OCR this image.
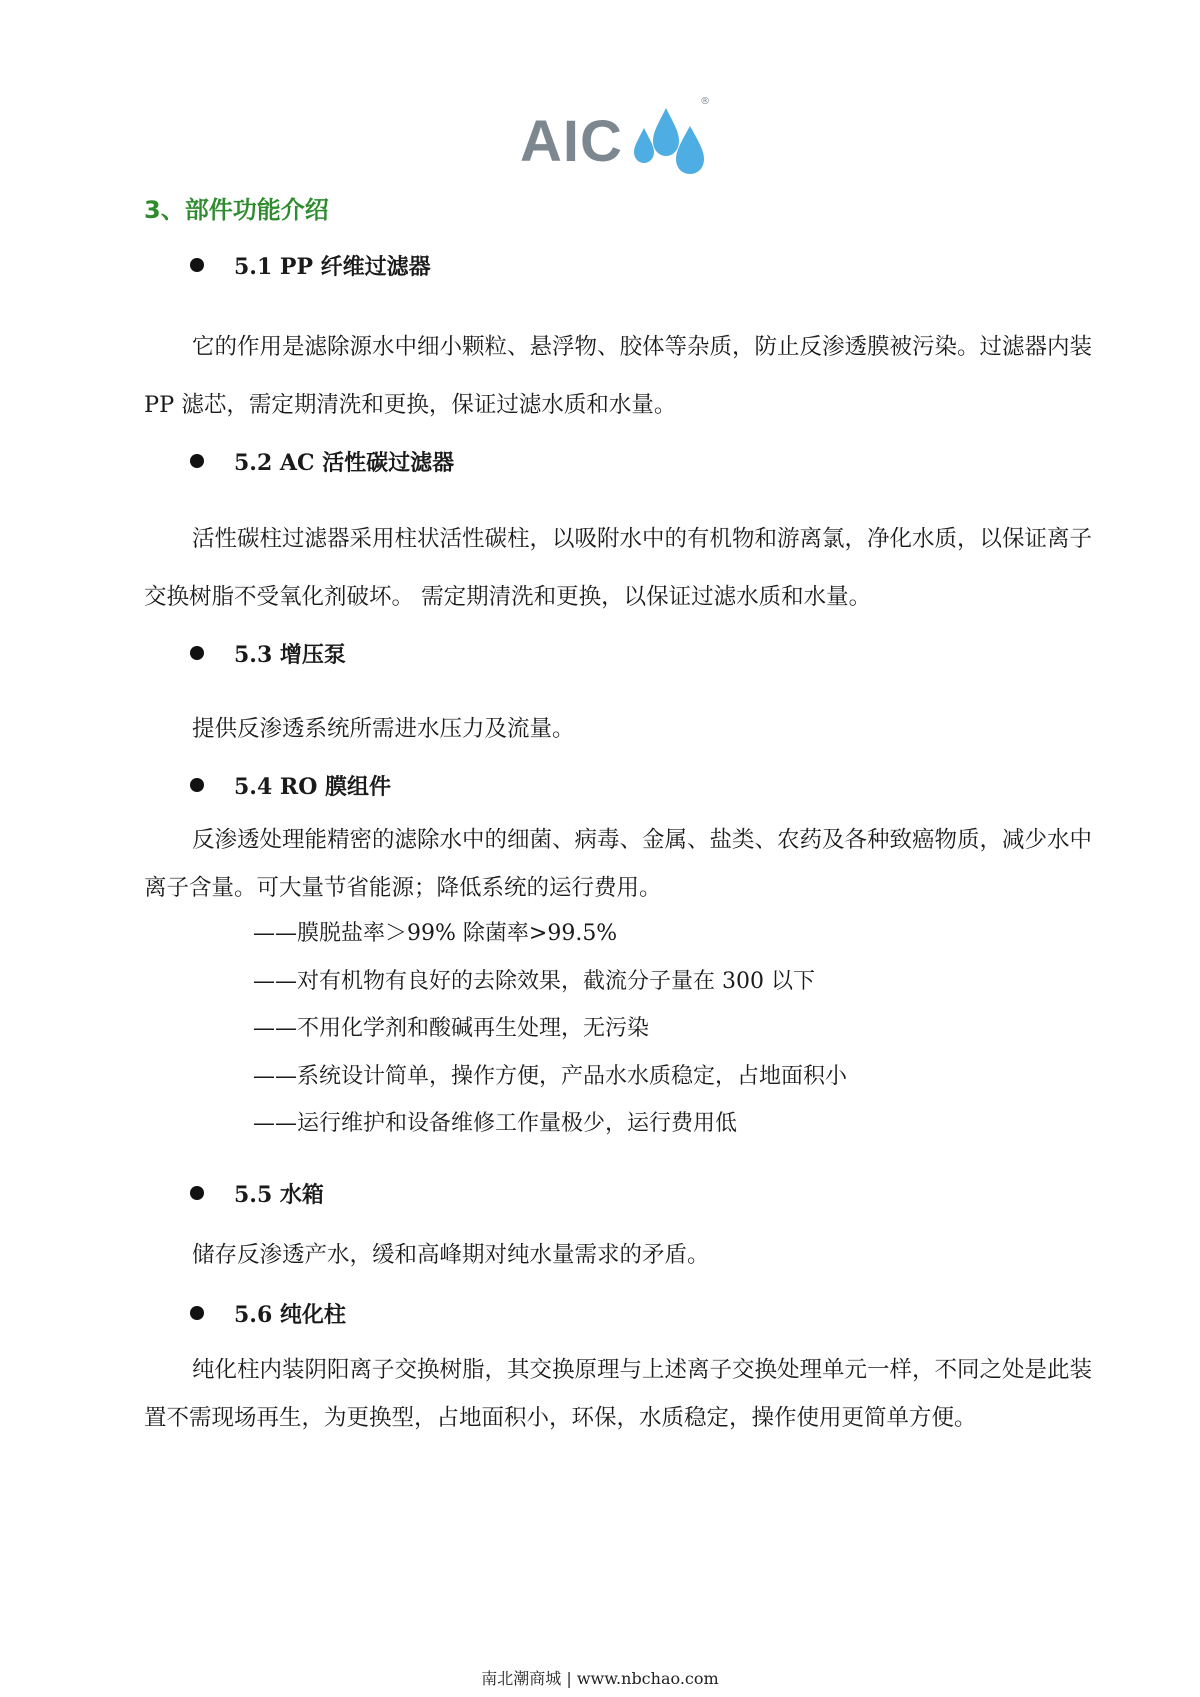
AIC
®
3、部件功能介绍
5.1 PP 纤维过滤器
它的作用是滤除源水中细小颗粒、悬浮物、胶体等杂质，防止反渗透膜被污染。过滤器内装 PP 滤芯，需定期清洗和更换，保证过滤水质和水量。
5.2 AC 活性碳过滤器
活性碳柱过滤器采用柱状活性碳柱，以吸附水中的有机物和游离氯，净化水质，以保证离子交换树脂不受氧化剂破坏。 需定期清洗和更换，以保证过滤水质和水量。
5.3 增压泵
提供反渗透系统所需进水压力及流量。
5.4 RO 膜组件
反渗透处理能精密的滤除水中的细菌、病毒、金属、盐类、农药及各种致癌物质，减少水中离子含量。可大量节省能源；降低系统的运行费用。
——膜脱盐率＞99% 除菌率>99.5%
——对有机物有良好的去除效果，截流分子量在 300 以下
——不用化学剂和酸碱再生处理，无污染
——系统设计简单，操作方便，产品水水质稳定，占地面积小
——运行维护和设备维修工作量极少，运行费用低
5.5 水箱
储存反渗透产水，缓和高峰期对纯水量需求的矛盾。
5.6 纯化柱
纯化柱内装阴阳离子交换树脂，其交换原理与上述离子交换处理单元一样，不同之处是此装置不需现场再生，为更换型，占地面积小，环保，水质稳定，操作使用更简单方便。
南北潮商城 | www.nbchao.com
